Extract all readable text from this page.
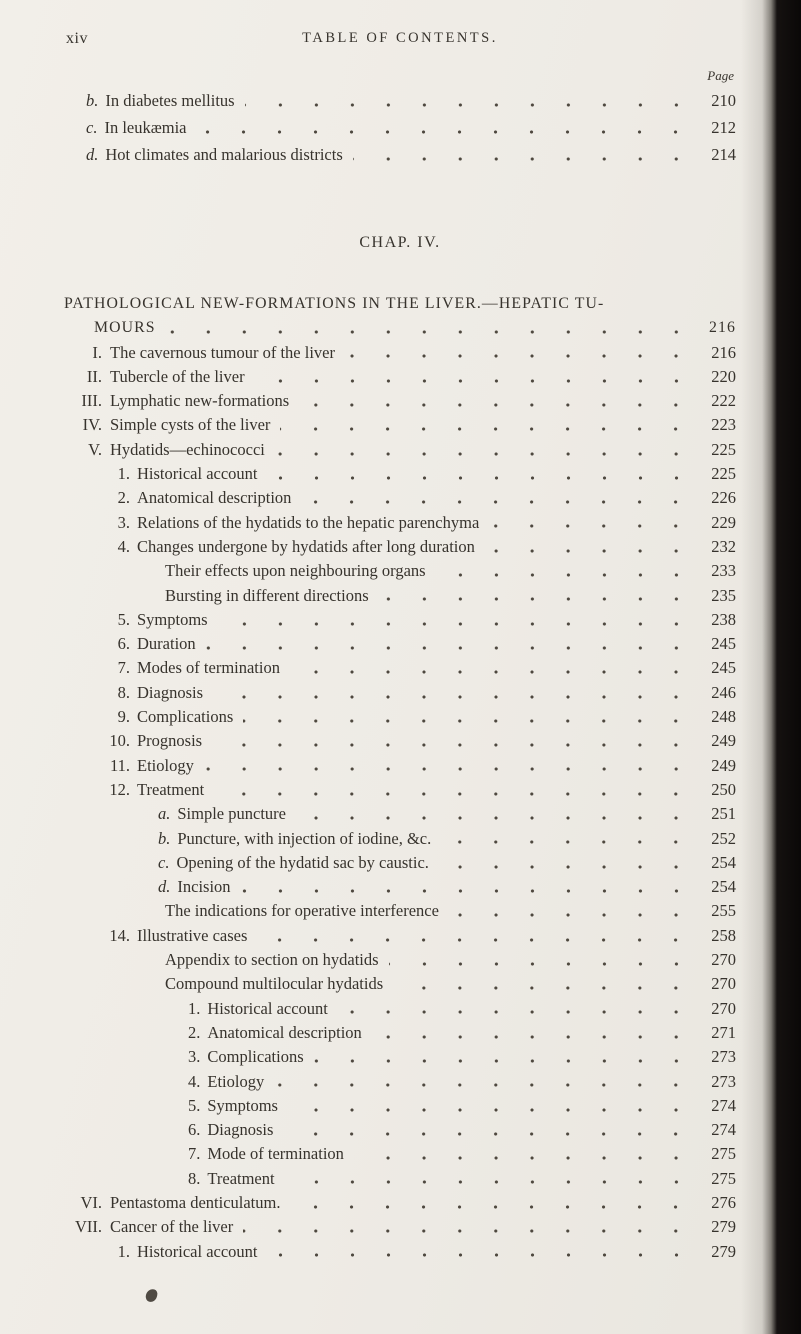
xiv	TABLE OF CONTENTS.
Page
b. In diabetes mellitus	210
c. In leukæmia	212
d. Hot climates and malarious districts	214
CHAP. IV.
PATHOLOGICAL NEW-FORMATIONS IN THE LIVER.—HEPATIC TU-
MOURS	216
I. The cavernous tumour of the liver	216
II. Tubercle of the liver	220
III. Lymphatic new-formations	222
IV. Simple cysts of the liver	223
V. Hydatids—echinococci	225
1. Historical account	225
2. Anatomical description	226
3. Relations of the hydatids to the hepatic parenchyma	229
4. Changes undergone by hydatids after long duration	232
Their effects upon neighbouring organs	233
Bursting in different directions	235
5. Symptoms	238
6. Duration	245
7. Modes of termination	245
8. Diagnosis	246
9. Complications	248
10. Prognosis	249
11. Etiology	249
12. Treatment	250
a. Simple puncture	251
b. Puncture, with injection of iodine, &c.	252
c. Opening of the hydatid sac by caustic.	254
d. Incision	254
The indications for operative interference	255
14. Illustrative cases	258
Appendix to section on hydatids	270
Compound multilocular hydatids	270
1. Historical account	270
2. Anatomical description	271
3. Complications	273
4. Etiology	273
5. Symptoms	274
6. Diagnosis	274
7. Mode of termination	275
8. Treatment	275
VI. Pentastoma denticulatum.	276
VII. Cancer of the liver	279
1. Historical account	279
